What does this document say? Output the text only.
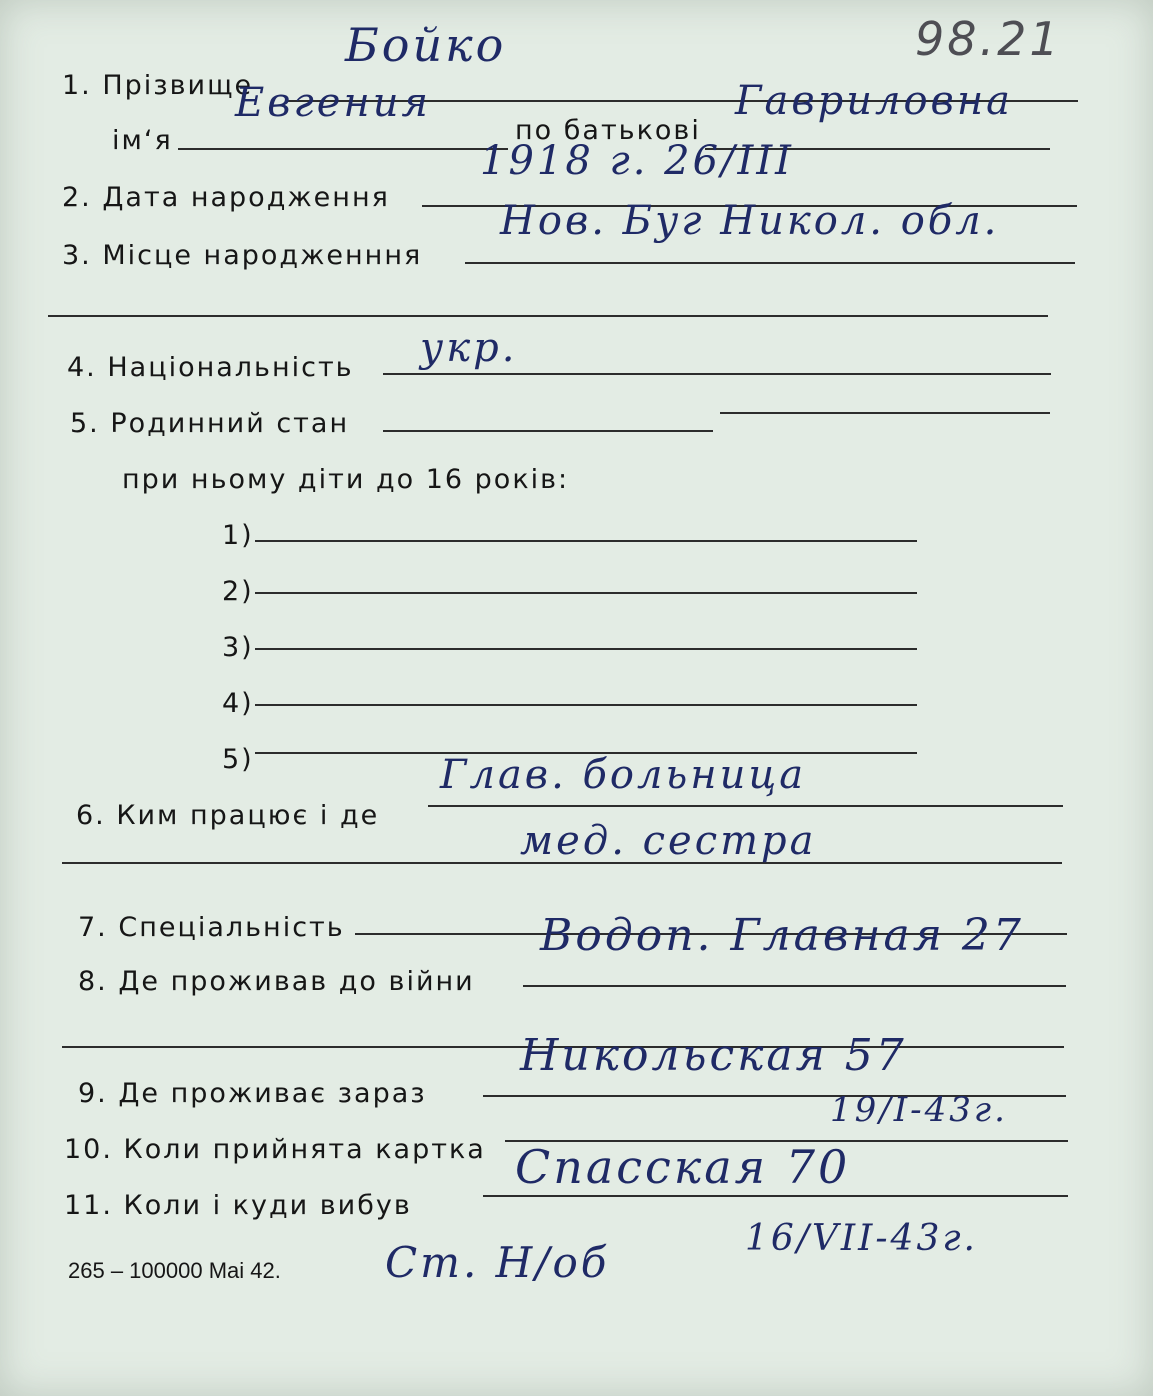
98.21
1. Прізвище
Бойко
ім‘я
Евгения
по батькові
Гавриловна
2. Дата народження
1918 г. 26/III
3. Місце народженння
Нов. Буг Никол. обл.
4. Національність укр.
5. Родинний стан
при ньому діти до 16 років:
1)
2)
3)
4)
5)
6. Ким працює і де
Глав. больница
мед. сестра
7. Спеціальність
8. Де проживав до війни
Водоп. Главная 27
9. Де проживає зараз
Никольская 57
10. Коли прийнята картка
19/I-43г.
11. Коли і куди вибув
Спасская 70
Ст. Н/об	16/VII-43г.
265 – 100000 Mai 42.
